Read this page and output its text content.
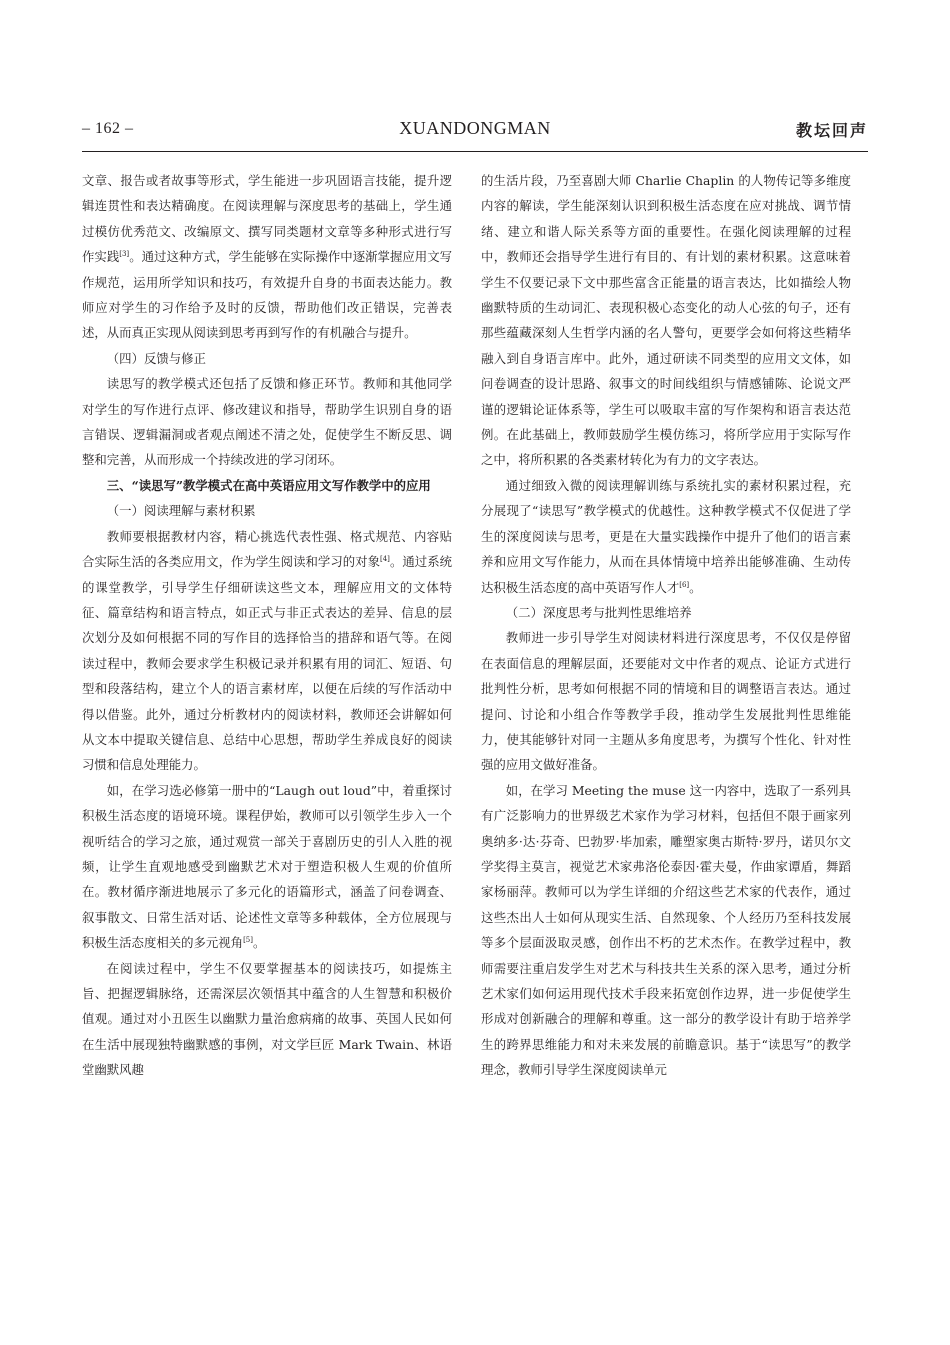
– 162 –	XUANDONGMAN	教坛回声

文章、报告或者故事等形式，学生能进一步巩固语言技能，提升逻辑连贯性和表达精确度。在阅读理解与深度思考的基础上，学生通过模仿优秀范文、改编原文、撰写同类题材文章等多种形式进行写作实践[3]。通过这种方式，学生能够在实际操作中逐渐掌握应用文写作规范，运用所学知识和技巧，有效提升自身的书面表达能力。教师应对学生的习作给予及时的反馈，帮助他们改正错误，完善表述，从而真正实现从阅读到思考再到写作的有机融合与提升。

（四）反馈与修正

读思写的教学模式还包括了反馈和修正环节。教师和其他同学对学生的写作进行点评、修改建议和指导，帮助学生识别自身的语言错误、逻辑漏洞或者观点阐述不清之处，促使学生不断反思、调整和完善，从而形成一个持续改进的学习闭环。

三、“读思写”教学模式在高中英语应用文写作教学中的应用

（一）阅读理解与素材积累

教师要根据教材内容，精心挑选代表性强、格式规范、内容贴合实际生活的各类应用文，作为学生阅读和学习的对象[4]。通过系统的课堂教学，引导学生仔细研读这些文本，理解应用文的文体特征、篇章结构和语言特点，如正式与非正式表达的差异、信息的层次划分及如何根据不同的写作目的选择恰当的措辞和语气等。在阅读过程中，教师会要求学生积极记录并积累有用的词汇、短语、句型和段落结构，建立个人的语言素材库，以便在后续的写作活动中得以借鉴。此外，通过分析教材内的阅读材料，教师还会讲解如何从文本中提取关键信息、总结中心思想，帮助学生养成良好的阅读习惯和信息处理能力。

如，在学习选必修第一册中的“Laugh out loud”中，着重探讨积极生活态度的语境环境。课程伊始，教师可以引领学生步入一个视听结合的学习之旅，通过观赏一部关于喜剧历史的引人入胜的视频，让学生直观地感受到幽默艺术对于塑造积极人生观的价值所在。教材循序渐进地展示了多元化的语篇形式，涵盖了问卷调查、叙事散文、日常生活对话、论述性文章等多种载体，全方位展现与积极生活态度相关的多元视角[5]。

在阅读过程中，学生不仅要掌握基本的阅读技巧，如提炼主旨、把握逻辑脉络，还需深层次领悟其中蕴含的人生智慧和积极价值观。通过对小丑医生以幽默力量治愈病痛的故事、英国人民如何在生活中展现独特幽默感的事例，对文学巨匠 Mark Twain、林语堂幽默风趣

的生活片段，乃至喜剧大师 Charlie Chaplin 的人物传记等多维度内容的解读，学生能深刻认识到积极生活态度在应对挑战、调节情绪、建立和谐人际关系等方面的重要性。在强化阅读理解的过程中，教师还会指导学生进行有目的、有计划的素材积累。这意味着学生不仅要记录下文中那些富含正能量的语言表达，比如描绘人物幽默特质的生动词汇、表现积极心态变化的动人心弦的句子，还有那些蕴藏深刻人生哲学内涵的名人警句，更要学会如何将这些精华融入到自身语言库中。此外，通过研读不同类型的应用文文体，如问卷调查的设计思路、叙事文的时间线组织与情感铺陈、论说文严谨的逻辑论证体系等，学生可以吸取丰富的写作架构和语言表达范例。在此基础上，教师鼓励学生模仿练习，将所学应用于实际写作之中，将所积累的各类素材转化为有力的文字表达。

通过细致入微的阅读理解训练与系统扎实的素材积累过程，充分展现了“读思写”教学模式的优越性。这种教学模式不仅促进了学生的深度阅读与思考，更是在大量实践操作中提升了他们的语言素养和应用文写作能力，从而在具体情境中培养出能够准确、生动传达积极生活态度的高中英语写作人才[6]。

（二）深度思考与批判性思维培养

教师进一步引导学生对阅读材料进行深度思考，不仅仅是停留在表面信息的理解层面，还要能对文中作者的观点、论证方式进行批判性分析，思考如何根据不同的情境和目的调整语言表达。通过提问、讨论和小组合作等教学手段，推动学生发展批判性思维能力，使其能够针对同一主题从多角度思考，为撰写个性化、针对性强的应用文做好准备。

如，在学习 Meeting the muse 这一内容中，选取了一系列具有广泛影响力的世界级艺术家作为学习材料，包括但不限于画家列奥纳多·达·芬奇、巴勃罗·毕加索，雕塑家奥古斯特·罗丹，诺贝尔文学奖得主莫言，视觉艺术家弗洛伦泰因·霍夫曼，作曲家谭盾，舞蹈家杨丽萍。教师可以为学生详细的介绍这些艺术家的代表作，通过这些杰出人士如何从现实生活、自然现象、个人经历乃至科技发展等多个层面汲取灵感，创作出不朽的艺术杰作。在教学过程中，教师需要注重启发学生对艺术与科技共生关系的深入思考，通过分析艺术家们如何运用现代技术手段来拓宽创作边界，进一步促使学生形成对创新融合的理解和尊重。这一部分的教学设计有助于培养学生的跨界思维能力和对未来发展的前瞻意识。基于“读思写”的教学理念，教师引导学生深度阅读单元
